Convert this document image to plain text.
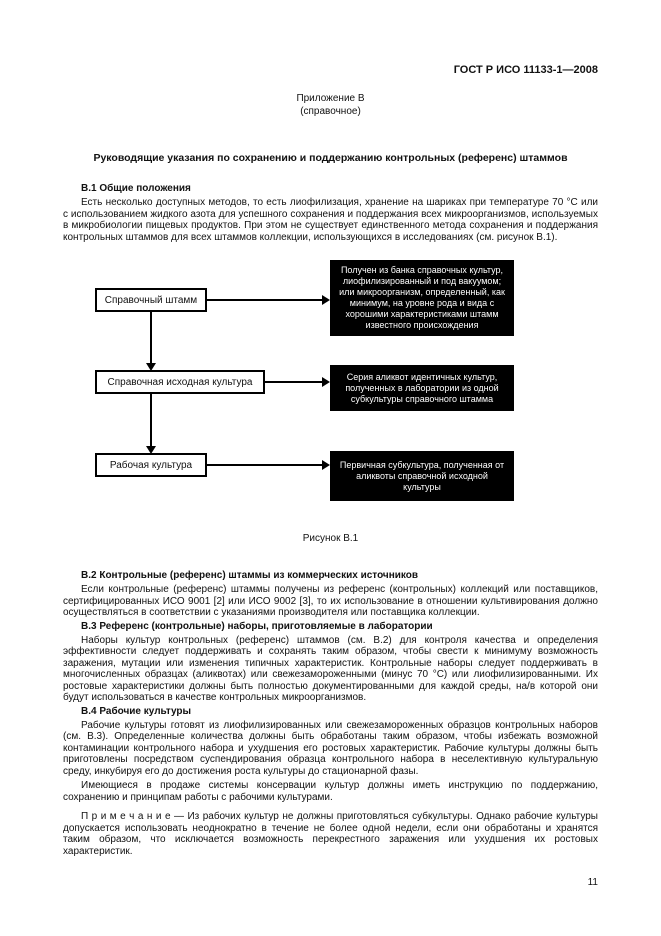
ГОСТ Р ИСО 11133-1—2008
Приложение В
(справочное)
Руководящие указания по сохранению и поддержанию контрольных (референс) штаммов
В.1 Общие положения

Есть несколько доступных методов, то есть лиофилизация, хранение на шариках при температуре 70 °С или с использованием жидкого азота для успешного сохранения и поддержания всех микроорганизмов, используемых в микробиологии пищевых продуктов. При этом не существует единственного метода сохранения и поддержания контрольных штаммов для всех штаммов коллекции, использующихся в исследованиях (см. рисунок В.1).

Справочный штамм
Справочная исходная культура
Рабочая культура
Получен из банка справочных культур, лиофилизированный и под вакуумом; или микроорганизм, определенный, как минимум, на уровне рода и вида с хорошими характеристиками штамм известного происхождения
Серия аликвот идентичных культур, полученных в лаборатории из одной субкультуры справочного штамма
Первичная субкультура, полученная от аликвоты справочной исходной культуры
Рисунок В.1
В.2 Контрольные (референс) штаммы из коммерческих источников

Если контрольные (референс) штаммы получены из референс (контрольных) коллекций или поставщиков, сертифицированных ИСО 9001 [2] или ИСО 9002 [3], то их использование в отношении культивирования должно осуществляться в соответствии с указаниями производителя или поставщика коллекции.

В.3 Референс (контрольные) наборы, приготовляемые в лаборатории

Наборы культур контрольных (референс) штаммов (см. В.2) для контроля качества и определения эффективности следует поддерживать и сохранять таким образом, чтобы свести к минимуму возможность заражения, мутации или изменения типичных характеристик. Контрольные наборы следует поддерживать в многочисленных образцах (аликвотах) или свежезамороженными (минус 70 °С) или лиофилизированными. Их ростовые характеристики должны быть полностью документированными для каждой среды, на/в которой они будут использоваться в качестве контрольных микроорганизмов.

В.4 Рабочие культуры

Рабочие культуры готовят из лиофилизированных или свежезамороженных образцов контрольных наборов (см. В.3). Определенные количества должны быть обработаны таким образом, чтобы избежать возможной контаминации контрольного набора и ухудшения его ростовых характеристик. Рабочие культуры должны быть приготовлены посредством суспендирования образца контрольного набора в неселективную культуральную среду, инкубируя его до достижения роста культуры до стационарной фазы.

Имеющиеся в продаже системы консервации культур должны иметь инструкцию по поддержанию, сохранению и принципам работы с рабочими культурами.

П р и м е ч а н и е — Из рабочих культур не должны приготовляться субкультуры. Однако рабочие культуры допускается использовать неоднократно в течение не более одной недели, если они обработаны и хранятся таким образом, что исключается возможность перекрестного заражения или ухудшения их ростовых характеристик.

11
